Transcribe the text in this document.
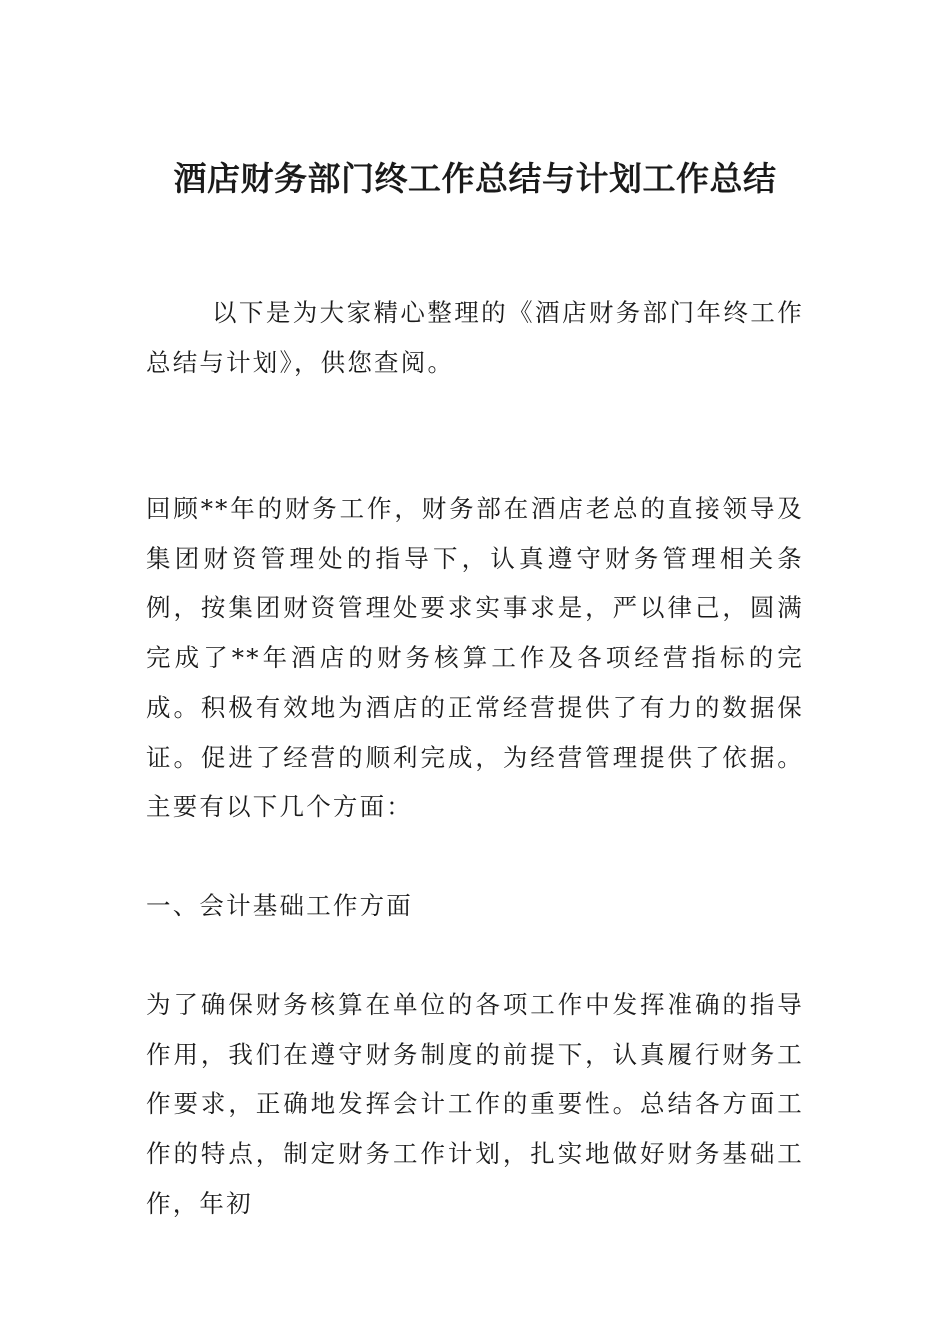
酒店财务部门终工作总结与计划工作总结

以下是为大家精心整理的《酒店财务部门年终工作总结与计划》，供您查阅。

回顾**年的财务工作，财务部在酒店老总的直接领导及集团财资管理处的指导下，认真遵守财务管理相关条例，按集团财资管理处要求实事求是，严以律己，圆满完成了**年酒店的财务核算工作及各项经营指标的完成。积极有效地为酒店的正常经营提供了有力的数据保证。促进了经营的顺利完成，为经营管理提供了依据。主要有以下几个方面：

一、会计基础工作方面

为了确保财务核算在单位的各项工作中发挥准确的指导作用，我们在遵守财务制度的前提下，认真履行财务工作要求，正确地发挥会计工作的重要性。总结各方面工作的特点，制定财务工作计划，扎实地做好财务基础工作，年初
